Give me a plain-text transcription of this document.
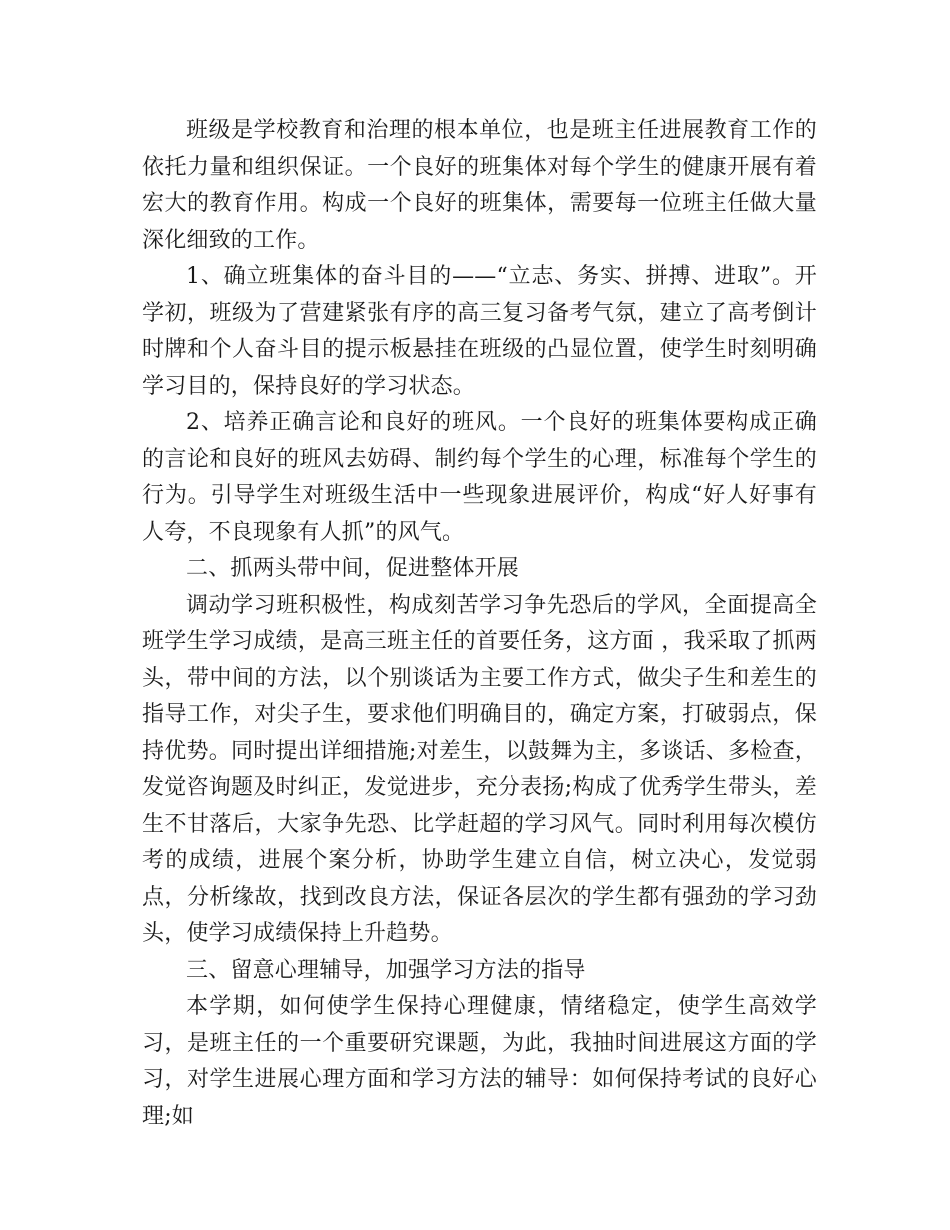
班级是学校教育和治理的根本单位，也是班主任进展教育工作的依托力量和组织保证。一个良好的班集体对每个学生的健康开展有着宏大的教育作用。构成一个良好的班集体，需要每一位班主任做大量深化细致的工作。

1、确立班集体的奋斗目的——“立志、务实、拼搏、进取”。开学初，班级为了营建紧张有序的高三复习备考气氛，建立了高考倒计时牌和个人奋斗目的提示板悬挂在班级的凸显位置，使学生时刻明确学习目的，保持良好的学习状态。

2、培养正确言论和良好的班风。一个良好的班集体要构成正确的言论和良好的班风去妨碍、制约每个学生的心理，标准每个学生的行为。引导学生对班级生活中一些现象进展评价，构成“好人好事有人夸，不良现象有人抓”的风气。

二、抓两头带中间，促进整体开展

调动学习班积极性，构成刻苦学习争先恐后的学风，全面提高全班学生学习成绩，是高三班主任的首要任务，这方面 ，我采取了抓两头，带中间的方法，以个别谈话为主要工作方式，做尖子生和差生的指导工作，对尖子生，要求他们明确目的，确定方案，打破弱点，保持优势。同时提出详细措施;对差生，以鼓舞为主，多谈话、多检查，发觉咨询题及时纠正，发觉进步，充分表扬;构成了优秀学生带头，差生不甘落后，大家争先恐、比学赶超的学习风气。同时利用每次模仿考的成绩，进展个案分析，协助学生建立自信，树立决心，发觉弱点，分析缘故，找到改良方法，保证各层次的学生都有强劲的学习劲头，使学习成绩保持上升趋势。

三、留意心理辅导，加强学习方法的指导

本学期，如何使学生保持心理健康，情绪稳定，使学生高效学习，是班主任的一个重要研究课题，为此，我抽时间进展这方面的学习，对学生进展心理方面和学习方法的辅导：如何保持考试的良好心理;如
